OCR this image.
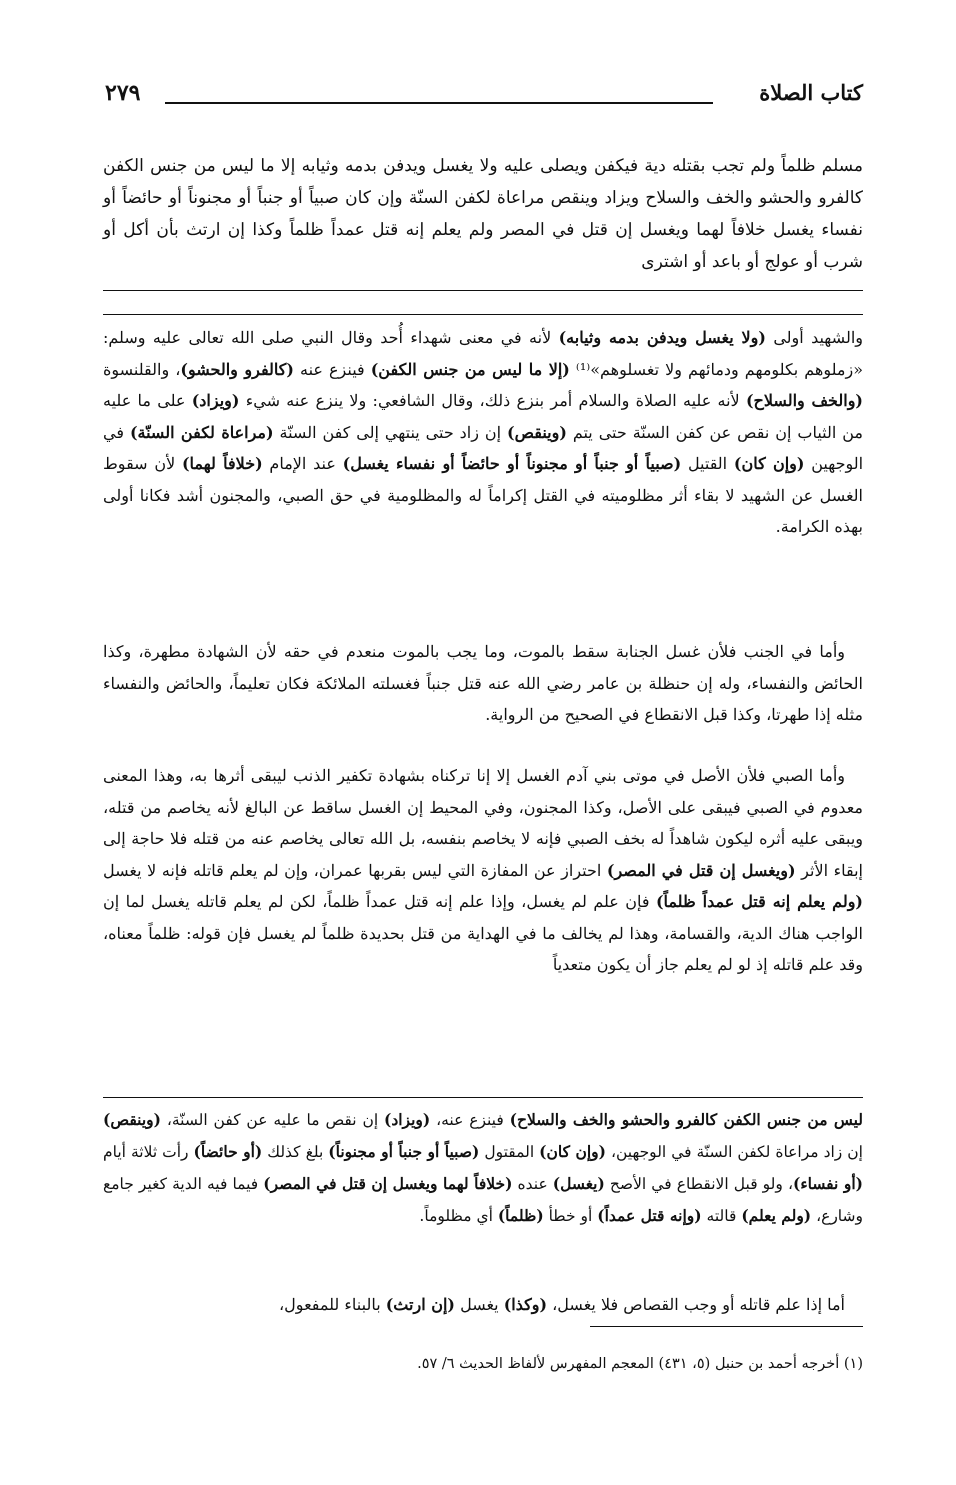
كتاب الصلاة
٢٧٩

مسلم ظلماً ولم تجب بقتله دية فيكفن ويصلى عليه ولا يغسل ويدفن بدمه وثيابه إلا ما ليس من جنس الكفن كالفرو والحشو والخف والسلاح ويزاد وينقص مراعاة لكفن السنّة وإن كان صبياً أو جنباً أو مجنوناً أو حائضاً أو نفساء يغسل خلافاً لهما ويغسل إن قتل في المصر ولم يعلم إنه قتل عمداً ظلماً وكذا إن ارتث بأن أكل أو شرب أو عولج أو باعد أو اشترى

والشهيد أولى (ولا يغسل ويدفن بدمه وثيابه) لأنه في معنى شهداء أُحد وقال النبي صلى الله تعالى عليه وسلم: «زملوهم بكلومهم ودمائهم ولا تغسلوهم»⁽¹⁾ (إلا ما ليس من جنس الكفن) فينزع عنه (كالفرو والحشو)، والقلنسوة (والخف والسلاح) لأنه عليه الصلاة والسلام أمر بنزع ذلك، وقال الشافعي: ولا ينزع عنه شيء (ويزاد) على ما عليه من الثياب إن نقص عن كفن السنّة حتى يتم (وينقص) إن زاد حتى ينتهي إلى كفن السنّة (مراعاة لكفن السنّة) في الوجهين (وإن كان) القتيل (صبياً أو جنباً أو مجنوناً أو حائضاً أو نفساء يغسل) عند الإمام (خلافاً لهما) لأن سقوط الغسل عن الشهيد لا بقاء أثر مظلوميته في القتل إكراماً له والمظلومية في حق الصبي، والمجنون أشد فكانا أولى بهذه الكرامة.

وأما في الجنب فلأن غسل الجنابة سقط بالموت، وما يجب بالموت منعدم في حقه لأن الشهادة مطهرة، وكذا الحائض والنفساء، وله إن حنظلة بن عامر رضي الله عنه قتل جنباً فغسلته الملائكة فكان تعليماً، والحائض والنفساء مثله إذا طهرتا، وكذا قبل الانقطاع في الصحيح من الرواية.

وأما الصبي فلأن الأصل في موتى بني آدم الغسل إلا إنا تركناه بشهادة تكفير الذنب ليبقى أثرها به، وهذا المعنى معدوم في الصبي فيبقى على الأصل، وكذا المجنون، وفي المحيط إن الغسل ساقط عن البالغ لأنه يخاصم من قتله، ويبقى عليه أثره ليكون شاهداً له بخف الصبي فإنه لا يخاصم بنفسه، بل الله تعالى يخاصم عنه من قتله فلا حاجة إلى إبقاء الأثر (ويغسل إن قتل في المصر) احتراز عن المفازة التي ليس بقربها عمران، وإن لم يعلم قاتله فإنه لا يغسل (ولم يعلم إنه قتل عمداً ظلماً) فإن علم لم يغسل، وإذا علم إنه قتل عمداً ظلماً، لكن لم يعلم قاتله يغسل لما إن الواجب هناك الدية، والقسامة، وهذا لم يخالف ما في الهداية من قتل بحديدة ظلماً لم يغسل فإن قوله: ظلماً معناه، وقد علم قاتله إذ لو لم يعلم جاز أن يكون متعدياً

ليس من جنس الكفن كالفرو والحشو والخف والسلاح) فينزع عنه، (ويزاد) إن نقص ما عليه عن كفن السنّة، (وينقص) إن زاد مراعاة لكفن السنّة في الوجهين، (وإن كان) المقتول (صبياً أو جنباً أو مجنوناً) بلغ كذلك (أو حائضاً) رأت ثلاثة أيام (أو نفساء)، ولو قبل الانقطاع في الأصح (يغسل) عنده (خلافاً لهما ويغسل إن قتل في المصر) فيما فيه الدية كغير جامع وشارع، (ولم يعلم) قالته (وإنه قتل عمداً) أو خطأ (ظلماً) أي مظلوماً.

أما إذا علم قاتله أو وجب القصاص فلا يغسل، (وكذا) يغسل (إن ارتث) بالبناء للمفعول،

(١) أخرجه أحمد بن حنبل (٥، ٤٣١) المعجم المفهرس لألفاظ الحديث ٦/ ٥٧.
